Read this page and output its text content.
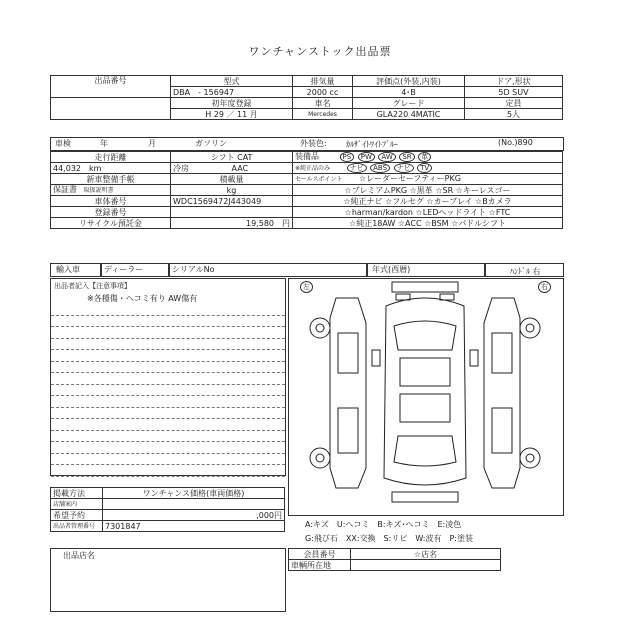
ワンチャンストック出品票
出品番号	型式	排気量	評価点(外装,内装)	ドア,形状
	DBA　- 156947	2000 cc	4･B	5D SUV
	初年度登録	車名	グレード	定員
	H 29 ／ 11 月	Mercedes	GLA220 4MATIC	5人
車検	年	月	ガソリン	外装色: ｶﾙｻﾞｲﾄﾜｲﾄﾌﾞﾙｰ	(No.)890
走行距離	シフト CAT	装備品 PS PW AW SR 革
44,032　km	冷房 AAC	※純正品のみ ナビ ABS ナビ TV
新車整備手帳	積載量	セールスポイント ☆レーダーセーフティーPKG
保証書 取扱説明書	kg	☆プレミアムPKG ☆黒革 ☆SR ☆キーレスゴー
車体番号	WDC1569472J443049	☆純正ナビ ☆フルセグ ☆カープレイ ☆Bカメラ
登録番号		☆harman/kardon ☆LEDヘッドライト ☆FTC
リサイクル預託金	19,580　円	☆純正18AW ☆ACC ☆BSM ☆パドルシフト
輸入車	ディーラー	シリアルNo	年式(西暦)	ﾊﾝﾄﾞﾙ 右
出品者記入【注意事項】
※各種傷・ヘコミ有り AW傷有
左	右
掲載方法	ワンチャンス価格(車両価格)
店舗案内	
希望予約	,000円
出品者管理番号	7301847	A:キズ　U:ヘコミ　B:キズ･ヘコミ　E:凌色
G:飛び石　XX:交換　S:リピ　W:波有　P:塗装
出品店名	会員番号	☆店名
車輌所在地	
